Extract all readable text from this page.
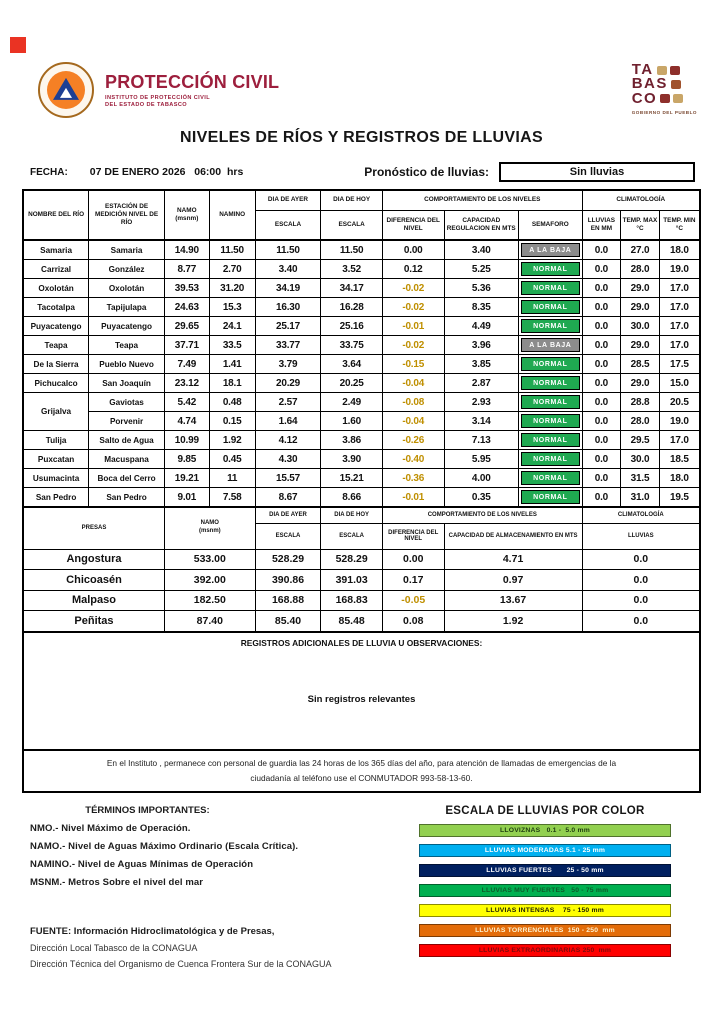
PROTECCIÓN CIVIL
INSTITUTO DE PROTECCIÓN CIVIL
DEL ESTADO DE TABASCO
TA
BAS
CO
GOBIERNO DEL PUEBLO
NIVELES DE RÍOS Y REGISTROS DE LLUVIAS
FECHA: 07 DE ENERO 2026   06:00  hrs	Pronóstico de lluvias:	Sin lluvias
NOMBRE DEL RÍO	ESTACIÓN DE MEDICIÓN NIVEL DE RÍO	NAMO
(msnm)	NAMINO	DIA DE AYER	DIA DE HOY	COMPORTAMIENTO DE LOS NIVELES			CLIMATOLOGÍA		
				ESCALA	ESCALA	DIFERENCIA DEL NIVEL	CAPACIDAD REGULACION EN MTS	SEMAFORO	LLUVIAS EN MM	TEMP. MAX °C	TEMP. MIN °C
Samaria	Samaria	14.90	11.50	11.50	11.50	0.00	3.40	A LA BAJA	0.0	27.0	18.0
Carrizal	González	8.77	2.70	3.40	3.52	0.12	5.25	NORMAL	0.0	28.0	19.0
Oxolotán	Oxolotán	39.53	31.20	34.19	34.17	-0.02	5.36	NORMAL	0.0	29.0	17.0
Tacotalpa	Tapijulapa	24.63	15.3	16.30	16.28	-0.02	8.35	NORMAL	0.0	29.0	17.0
Puyacatengo	Puyacatengo	29.65	24.1	25.17	25.16	-0.01	4.49	NORMAL	0.0	30.0	17.0
Teapa	Teapa	37.71	33.5	33.77	33.75	-0.02	3.96	A LA BAJA	0.0	29.0	17.0
De la Sierra	Pueblo Nuevo	7.49	1.41	3.79	3.64	-0.15	3.85	NORMAL	0.0	28.5	17.5
Pichucalco	San Joaquín	23.12	18.1	20.29	20.25	-0.04	2.87	NORMAL	0.0	29.0	15.0
Grijalva	Gaviotas	5.42	0.48	2.57	2.49	-0.08	2.93	NORMAL	0.0	28.8	20.5
	Porvenir	4.74	0.15	1.64	1.60	-0.04	3.14	NORMAL	0.0	28.0	19.0
Tulija	Salto de Agua	10.99	1.92	4.12	3.86	-0.26	7.13	NORMAL	0.0	29.5	17.0
Puxcatan	Macuspana	9.85	0.45	4.30	3.90	-0.40	5.95	NORMAL	0.0	30.0	18.5
Usumacinta	Boca del Cerro	19.21	11	15.57	15.21	-0.36	4.00	NORMAL	0.0	31.5	18.0
San Pedro	San Pedro	9.01	7.58	8.67	8.66	-0.01	0.35	NORMAL	0.0	31.0	19.5
PRESAS		NAMO
(msnm)		DIA DE AYER	DIA DE HOY	COMPORTAMIENTO DE LOS NIVELES			CLIMATOLOGÍA		
				ESCALA	ESCALA	DIFERENCIA DEL NIVEL	CAPACIDAD DE ALMACENAMIENTO EN MTS		LLUVIAS		
Angostura		533.00		528.29	528.29	0.00	4.71		0.0		
Chicoasén		392.00		390.86	391.03	0.17	0.97		0.0		
Malpaso		182.50		168.88	168.83	-0.05	13.67		0.0		
Peñitas		87.40		85.40	85.48	0.08	1.92		0.0		

REGISTROS ADICIONALES DE LLUVIA U OBSERVACIONES:
Sin registros relevantes											

En el Instituto , permanece con personal de guardia las 24 horas de los 365 días del año, para atención de llamadas de emergencias de la
ciudadanía al teléfono use el CONMUTADOR 993-58-13-60.											
TÉRMINOS IMPORTANTES:
NMO.- Nivel Máximo de Operación.
NAMO.- Nivel de Aguas Máximo Ordinario (Escala Crítica).
NAMINO.- Nivel de Aguas Mínimas de Operación
MSNM.- Metros Sobre el nivel del mar
FUENTE: Información Hidroclimatológica y de Presas,
Dirección Local Tabasco de la CONAGUA
Dirección Técnica del Organismo de Cuenca Frontera Sur de la CONAGUA
ESCALA DE LLUVIAS POR COLOR
LLOVIZNAS   0.1 -  5.0 mm
LLUVIAS MODERADAS 5.1 - 25 mm
LLUVIAS FUERTES       25 - 50 mm
LLUVIAS MUY FUERTES   50 - 75 mm
LLUVIAS INTENSAS    75 - 150 mm
LLUVIAS TORRENCIALES  150 - 250  mm
LLUVIAS EXTRAORDINARIAS 250  mm
